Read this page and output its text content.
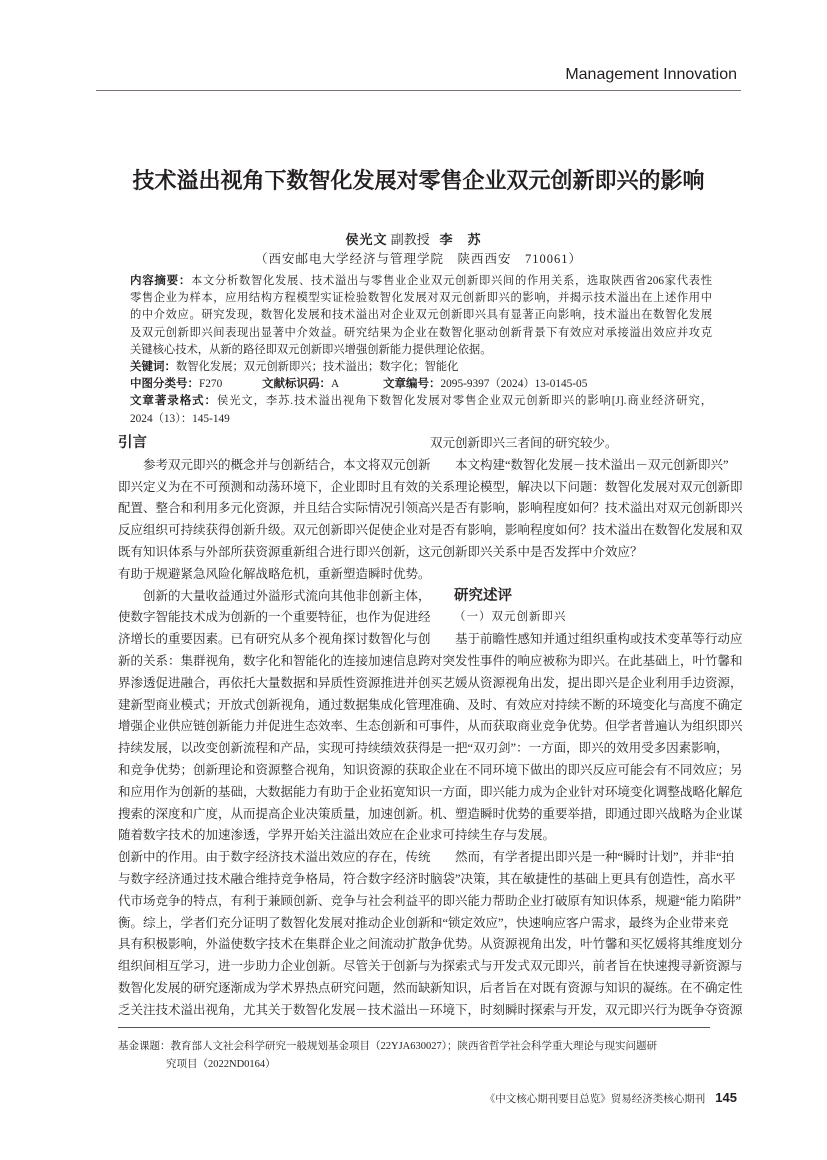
Management Innovation
技术溢出视角下数智化发展对零售企业双元创新即兴的影响
侯光文 副教授 李　苏
（西安邮电大学经济与管理学院　陕西西安　710061）
内容摘要：本文分析数智化发展、技术溢出与零售业企业双元创新即兴间的作用关系，选取陕西省206家代表性
零售企业为样本，应用结构方程模型实证检验数智化发展对双元创新即兴的影响，并揭示技术溢出在上述作用中
的中介效应。研究发现，数智化发展和技术溢出对企业双元创新即兴具有显著正向影响，技术溢出在数智化发展
及双元创新即兴间表现出显著中介效益。研究结果为企业在数智化驱动创新背景下有效应对承接溢出效应并攻克
关键核心技术，从新的路径即双元创新即兴增强创新能力提供理论依据。
关键词：数智化发展；双元创新即兴；技术溢出；数字化；智能化
中图分类号：F270	文献标识码：A	文章编号：2095-9397（2024）13-0145-05
文章著录格式：侯光文，李苏.技术溢出视角下数智化发展对零售企业双元创新即兴的影响[J].商业经济研究，
2024（13）：145-149
引言
参考双元即兴的概念并与创新结合，本文将双元创新
即兴定义为在不可预测和动荡环境下，企业即时且有效的
配置、整合和利用多元化资源，并且结合实际情况引领高
反应组织可持续获得创新升级。双元创新即兴促使企业对
既有知识体系与外部所获资源重新组合进行即兴创新，这
有助于规避紧急风险化解战略危机，重新塑造瞬时优势。
创新的大量收益通过外溢形式流向其他非创新主体，
使数字智能技术成为创新的一个重要特征，也作为促进经
济增长的重要因素。已有研究从多个视角探讨数智化与创
新的关系：集群视角，数字化和智能化的连接加速信息跨
界渗透促进融合，再依托大量数据和异质性资源推进并创
建新型商业模式；开放式创新视角，通过数据集成化管理
增强企业供应链创新能力并促进生态效率、生态创新和可
持续发展，以改变创新流程和产品，实现可持续绩效获得
和竞争优势；创新理论和资源整合视角，知识资源的获取
和应用作为创新的基础，大数据能力有助于企业拓宽知识
搜索的深度和广度，从而提高企业决策质量，加速创新。
随着数字技术的加速渗透，学界开始关注溢出效应在企业
创新中的作用。由于数字经济技术溢出效应的存在，传统
与数字经济通过技术融合维持竞争格局，符合数字经济时
代市场竞争的特点，有利于兼顾创新、竞争与社会利益平
衡。综上，学者们充分证明了数智化发展对推动企业创新
具有积极影响，外溢使数字技术在集群企业之间流动扩散，
组织间相互学习，进一步助力企业创新。尽管关于创新与
数智化发展的研究逐渐成为学术界热点研究问题，然而缺
乏关注技术溢出视角，尤其关于数智化发展－技术溢出－
双元创新即兴三者间的研究较少。
本文构建“数智化发展－技术溢出－双元创新即兴”
关系理论模型，解决以下问题：数智化发展对双元创新即
兴是否有影响，影响程度如何？技术溢出对双元创新即兴
是否有影响，影响程度如何？技术溢出在数智化发展和双
元创新即兴关系中是否发挥中介效应？
研究述评
（一）双元创新即兴
基于前瞻性感知并通过组织重构或技术变革等行动应
对突发性事件的响应被称为即兴。在此基础上，叶竹馨和
买艺媛从资源视角出发，提出即兴是企业利用手边资源，
准确、及时、有效应对持续不断的环境变化与高度不确定
事件，从而获取商业竞争优势。但学者普遍认为组织即兴
是一把“双刃剑”：一方面，即兴的效用受多因素影响，
企业在不同环境下做出的即兴反应可能会有不同效应；另
一方面，即兴能力成为企业针对环境变化调整战略化解危
机、塑造瞬时优势的重要举措，即通过即兴战略为企业谋
求可持续生存与发展。
然而，有学者提出即兴是一种“瞬时计划”，并非“拍
脑袋”决策，其在敏捷性的基础上更具有创造性，高水平
的即兴能力帮助企业打破原有知识体系，规避“能力陷阱”
和“锁定效应”，快速响应客户需求，最终为企业带来竞
争优势。从资源视角出发，叶竹馨和买忆媛将其维度划分
为探索式与开发式双元即兴，前者旨在快速搜寻新资源与
新知识，后者旨在对既有资源与知识的凝练。在不确定性
环境下，时刻瞬时探索与开发，双元即兴行为既争夺资源
基金课题：教育部人文社会科学研究一般规划基金项目（22YJA630027）；陕西省哲学社会科学重大理论与现实问题研
究项目（2022ND0164）
《中文核心期刊要目总览》贸易经济类核心期刊 145
